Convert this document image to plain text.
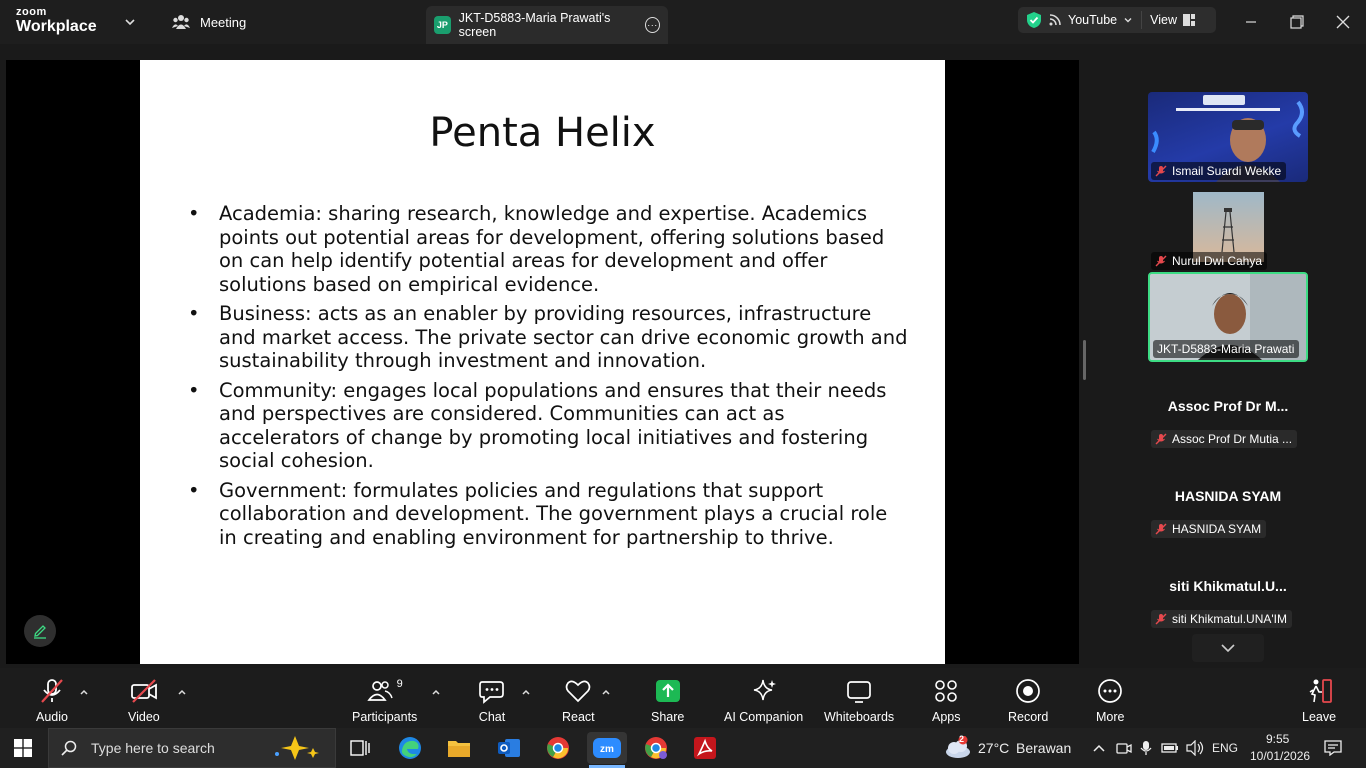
zoom
Workplace	Meeting	JP JKT-D5883-Maria Prawati's screen
···	YouTube	View
Penta Helix
• Academia: sharing research, knowledge and expertise. Academics points out potential areas for development, offering solutions based on can help identify potential areas for development and offer solutions based on empirical evidence.
• Business: acts as an enabler by providing resources, infrastructure and market access. The private sector can drive economic growth and sustainability through investment and innovation.
• Community: engages local populations and ensures that their needs and perspectives are considered. Communities can act as accelerators of change by promoting local initiatives and fostering social cohesion.
• Government: formulates policies and regulations that support collaboration and development. The government plays a crucial role in creating and enabling environment for partnership to thrive.
Ismail Suardi Wekke
Nurul Dwi Cahya
JKT-D5883-Maria Prawati
Assoc Prof Dr M...
Assoc Prof Dr Mutia ...
HASNIDA SYAM
HASNIDA SYAM
siti Khikmatul.U...
siti Khikmatul.UNA'IM
Audio	Video
9
Participants	Chat	React	Share	AI Companion Whiteboards	Apps	Record	More	Leave
Type here to search	zm
2
27°C Berawan	ENG
9:55
10/01/2026
